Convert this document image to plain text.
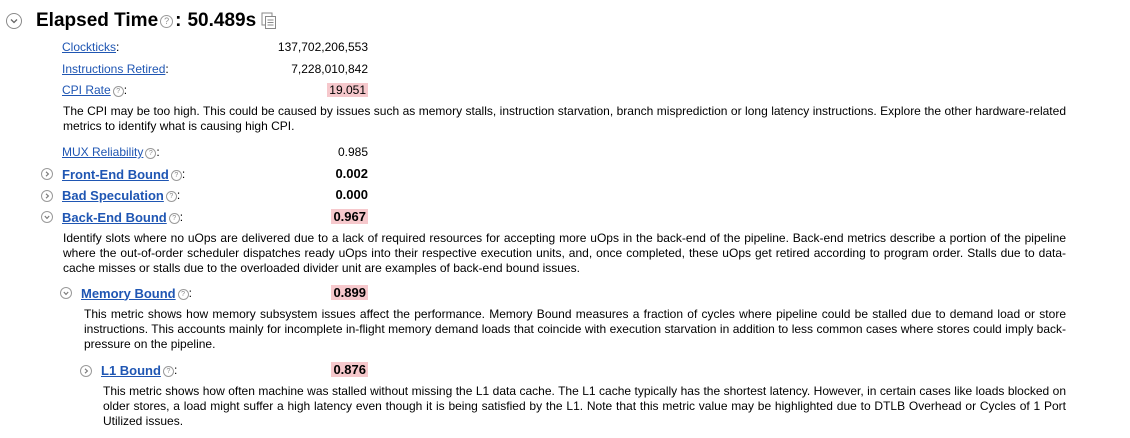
Elapsed Time ? : 50.489s
Clockticks :	137,702,206,553
Instructions Retired :	7,228,010,842
CPI Rate ? :	19.051
The CPI may be too high. This could be caused by issues such as memory stalls, instruction starvation, branch misprediction or long latency instructions. Explore the other hardware-related metrics to identify what is causing high CPI.
MUX Reliability ? :	0.985
Front-End Bound ? :	0.002
Bad Speculation ? :	0.000
Back-End Bound ? :	0.967
Identify slots where no uOps are delivered due to a lack of required resources for accepting more uOps in the back-end of the pipeline. Back-end metrics describe a portion of the pipeline where the out-of-order scheduler dispatches ready uOps into their respective execution units, and, once completed, these uOps get retired according to program order. Stalls due to data-cache misses or stalls due to the overloaded divider unit are examples of back-end bound issues.
Memory Bound ? :	0.899
This metric shows how memory subsystem issues affect the performance. Memory Bound measures a fraction of cycles where pipeline could be stalled due to demand load or store instructions. This accounts mainly for incomplete in-flight memory demand loads that coincide with execution starvation in addition to less common cases where stores could imply back-pressure on the pipeline.
L1 Bound ? :	0.876
This metric shows how often machine was stalled without missing the L1 data cache. The L1 cache typically has the shortest latency. However, in certain cases like loads blocked on older stores, a load might suffer a high latency even though it is being satisfied by the L1. Note that this metric value may be highlighted due to DTLB Overhead or Cycles of 1 Port Utilized issues.
